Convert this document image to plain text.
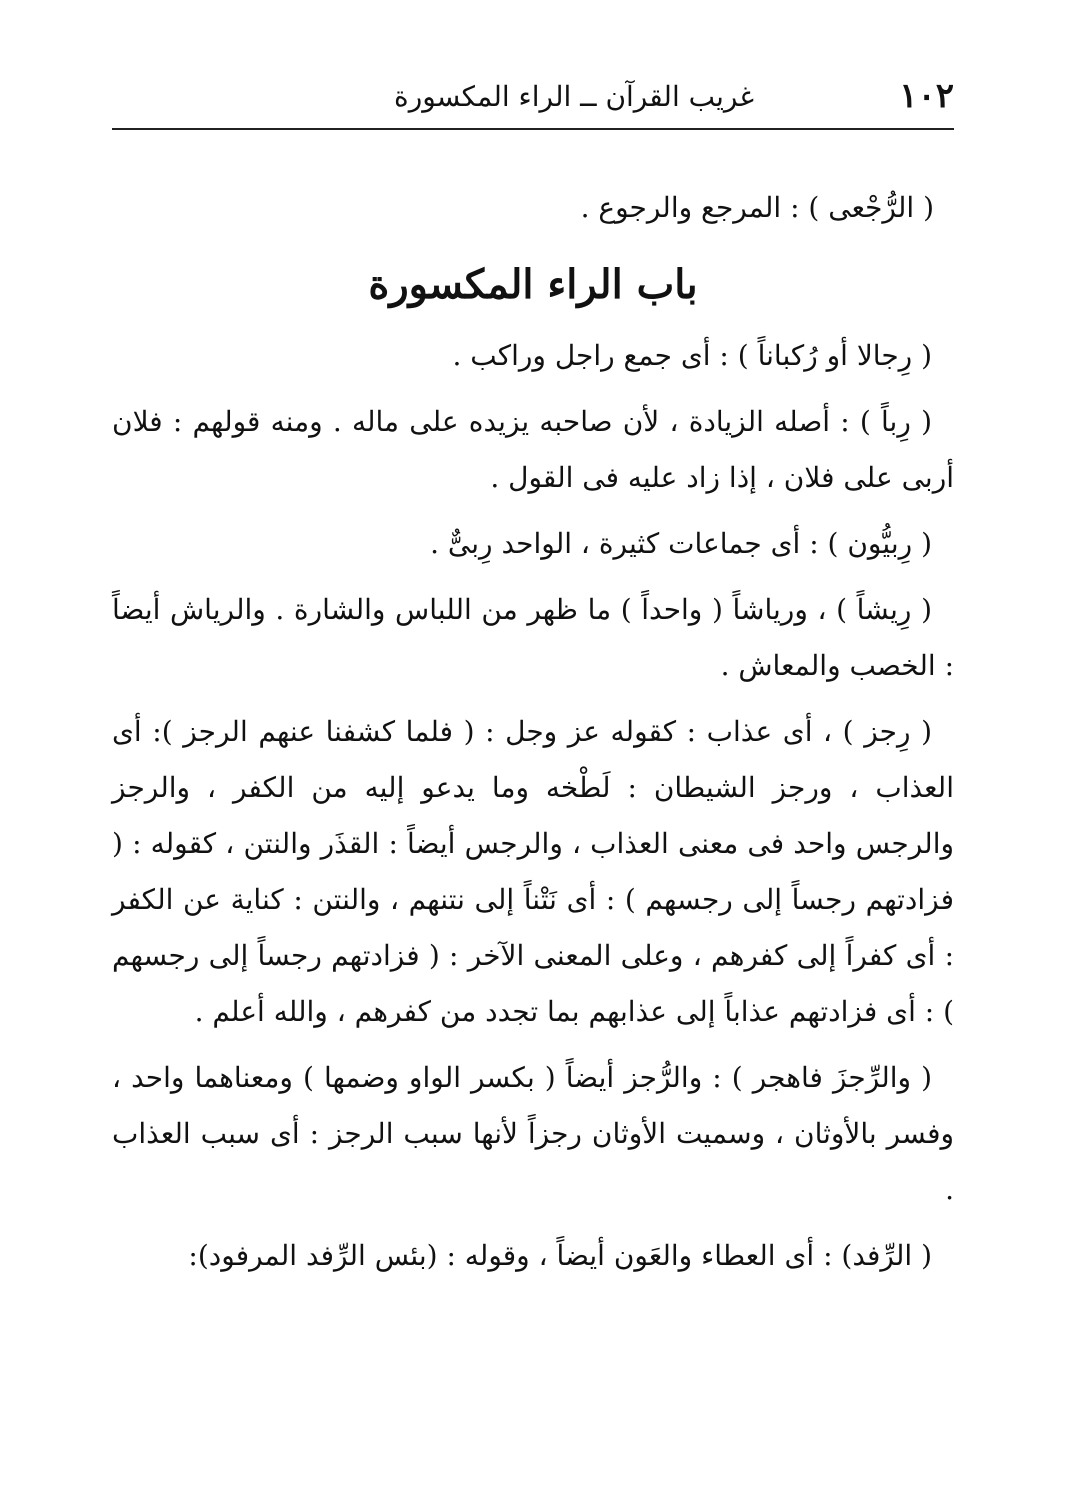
١٠٢
غريب القرآن ــ الراء المكسورة

( الرُّجْعى ) : المرجع والرجوع .

باب الراء المكسورة

( رِجالا أو رُكباناً ) : أى جمع راجل وراكب .

( رِباً ) : أصله الزيادة ، لأن صاحبه يزيده على ماله . ومنه قولهم : فلان أربى على فلان ، إذا زاد عليه فى القول .

( رِبيُّون ) : أى جماعات كثيرة ، الواحد رِبىٌّ .

( رِيشاً ) ، ورياشاً ( واحداً ) ما ظهر من اللباس والشارة . والرياش أيضاً : الخصب والمعاش .

( رِجز ) ، أى عذاب : كقوله عز وجل : ( فلما كشفنا عنهم الرجز ): أى العذاب ، ورجز الشيطان : لَطْخه وما يدعو إليه من الكفر ، والرجز والرجس واحد فى معنى العذاب ، والرجس أيضاً : القذَر والنتن ، كقوله : ( فزادتهم رجساً إلى رجسهم ) : أى نَتْناً إلى نتنهم ، والنتن : كناية عن الكفر : أى كفراً إلى كفرهم ، وعلى المعنى الآخر : ( فزادتهم رجساً إلى رجسهم ) : أى فزادتهم عذاباً إلى عذابهم بما تجدد من كفرهم ، والله أعلم .

( والرِّجزَ فاهجر ) : والرُّجز أيضاً ( بكسر الواو وضمها ) ومعناهما واحد ، وفسر بالأوثان ، وسميت الأوثان رجزاً لأنها سبب الرجز : أى سبب العذاب .

( الرِّفد) : أى العطاء والعَون أيضاً ، وقوله : (بئس الرِّفد المرفود):
